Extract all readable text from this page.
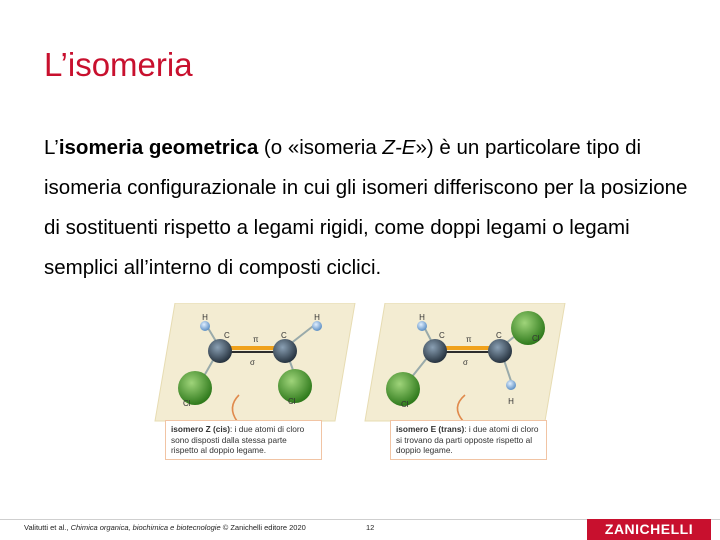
L’isomeria
L’isomeria geometrica (o «isomeria Z-E») è un particolare tipo di isomeria configurazionale in cui gli isomeri differiscono per la posizione di sostituenti rispetto a legami rigidi, come doppi legami o legami semplici all’interno di composti ciclici.
H	H
C	C
π
σ
Cl	Cl
H
H
C	C
π
σ
Cl
Cl
isomero Z (cis): i due atomi di cloro sono disposti dalla stessa parte rispetto al doppio legame.
isomero E (trans): i due atomi di cloro si trovano da parti opposte rispetto al doppio legame.
Valitutti et al., Chimica organica, biochimica e biotecnologie © Zanichelli editore 2020	12	ZANICHELLI
